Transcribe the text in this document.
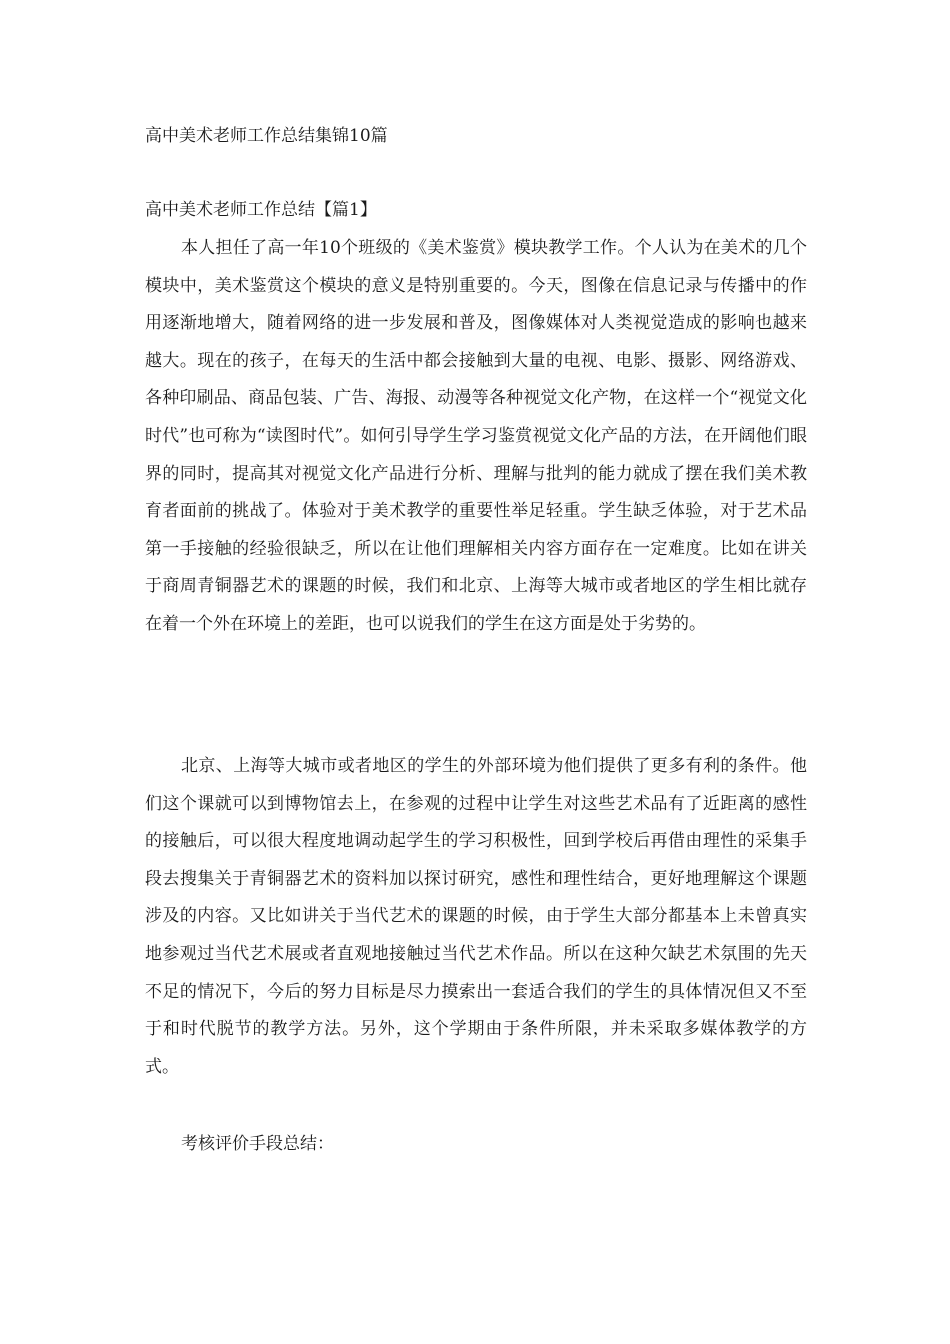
高中美术老师工作总结集锦10篇
高中美术老师工作总结【篇1】

本人担任了高一年10个班级的《美术鉴赏》模块教学工作。个人认为在美术的几个模块中，美术鉴赏这个模块的意义是特别重要的。今天，图像在信息记录与传播中的作用逐渐地增大，随着网络的进一步发展和普及，图像媒体对人类视觉造成的影响也越来越大。现在的孩子，在每天的生活中都会接触到大量的电视、电影、摄影、网络游戏、各种印刷品、商品包装、广告、海报、动漫等各种视觉文化产物，在这样一个“视觉文化时代”也可称为“读图时代”。如何引导学生学习鉴赏视觉文化产品的方法，在开阔他们眼界的同时，提高其对视觉文化产品进行分析、理解与批判的能力就成了摆在我们美术教育者面前的挑战了。体验对于美术教学的重要性举足轻重。学生缺乏体验，对于艺术品第一手接触的经验很缺乏，所以在让他们理解相关内容方面存在一定难度。比如在讲关于商周青铜器艺术的课题的时候，我们和北京、上海等大城市或者地区的学生相比就存在着一个外在环境上的差距，也可以说我们的学生在这方面是处于劣势的。

北京、上海等大城市或者地区的学生的外部环境为他们提供了更多有利的条件。他们这个课就可以到博物馆去上，在参观的过程中让学生对这些艺术品有了近距离的感性的接触后，可以很大程度地调动起学生的学习积极性，回到学校后再借由理性的采集手段去搜集关于青铜器艺术的资料加以探讨研究，感性和理性结合，更好地理解这个课题涉及的内容。又比如讲关于当代艺术的课题的时候，由于学生大部分都基本上未曾真实地参观过当代艺术展或者直观地接触过当代艺术作品。所以在这种欠缺艺术氛围的先天不足的情况下，今后的努力目标是尽力摸索出一套适合我们的学生的具体情况但又不至于和时代脱节的教学方法。另外，这个学期由于条件所限，并未采取多媒体教学的方式。

考核评价手段总结：
